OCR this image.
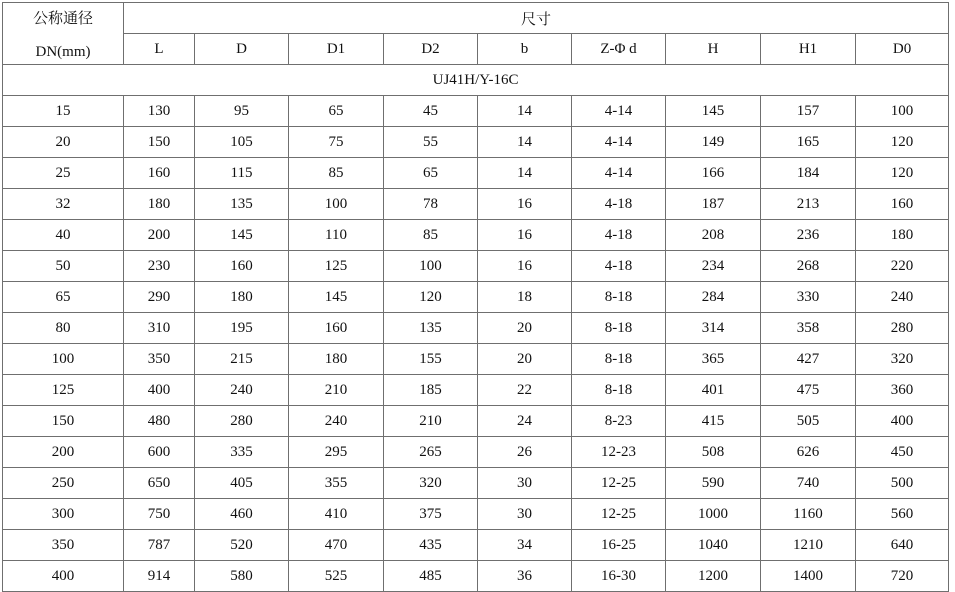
公称通径
DN(mm)	尺寸								
	L	D	D1	D2	b	Z-Φ d	H	H1	D0
UJ41H/Y-16C									
15	130	95	65	45	14	4-14	145	157	100
20	150	105	75	55	14	4-14	149	165	120
25	160	115	85	65	14	4-14	166	184	120
32	180	135	100	78	16	4-18	187	213	160
40	200	145	110	85	16	4-18	208	236	180
50	230	160	125	100	16	4-18	234	268	220
65	290	180	145	120	18	8-18	284	330	240
80	310	195	160	135	20	8-18	314	358	280
100	350	215	180	155	20	8-18	365	427	320
125	400	240	210	185	22	8-18	401	475	360
150	480	280	240	210	24	8-23	415	505	400
200	600	335	295	265	26	12-23	508	626	450
250	650	405	355	320	30	12-25	590	740	500
300	750	460	410	375	30	12-25	1000	1160	560
350	787	520	470	435	34	16-25	1040	1210	640
400	914	580	525	485	36	16-30	1200	1400	720
